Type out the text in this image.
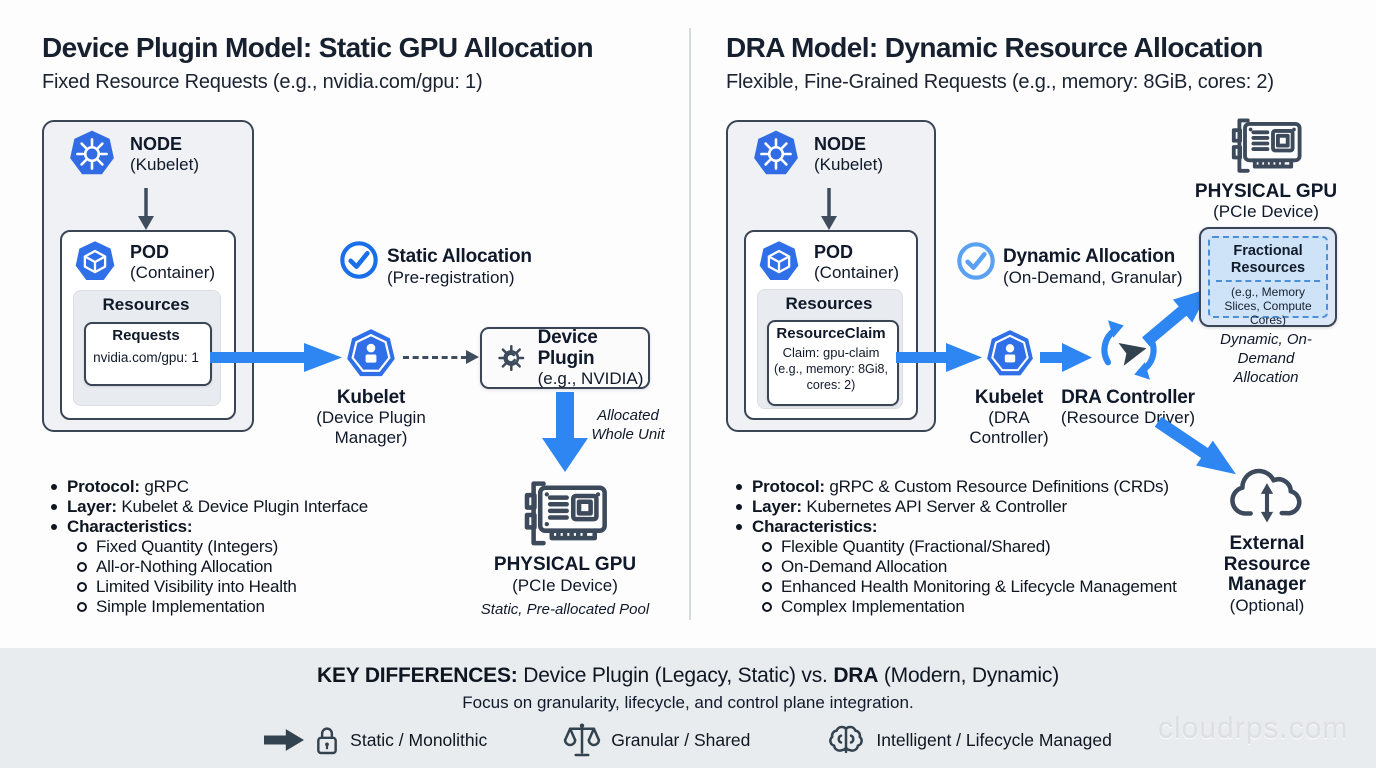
Device Plugin Model: Static GPU Allocation
Fixed Resource Requests (e.g., nvidia.com/gpu: 1)
NODE
(Kubelet)
POD
(Container)
Resources
Requests
nvidia.com/gpu: 1
Static Allocation
(Pre-registration)
Kubelet
(Device Plugin Manager)
Device Plugin
(e.g., NVIDIA)
Allocated Whole Unit
Protocol: gRPC
Layer: Kubelet & Device Plugin Interface
Characteristics:
Fixed Quantity (Integers)
All-or-Nothing Allocation
Limited Visibility into Health
Simple Implementation
PHYSICAL GPU
(PCIe Device)
Static, Pre-allocated Pool
DRA Model: Dynamic Resource Allocation
Flexible, Fine-Grained Requests (e.g., memory: 8GiB, cores: 2)
NODE
(Kubelet)
POD
(Container)
Resources
ResourceClaim
Claim: gpu-claim
(e.g., memory: 8Gi8,
cores: 2)
Dynamic Allocation
(On-Demand, Granular)
Kubelet
(DRA Controller)
DRA Controller
(Resource Driver)
PHYSICAL GPU
(PCIe Device)
Fractional Resources
(e.g., Memory Slices, Compute Cores)
Dynamic, On-Demand Allocation
Protocol: gRPC & Custom Resource Definitions (CRDs)
Layer: Kubernetes API Server & Controller
Characteristics:
Flexible Quantity (Fractional/Shared)
On-Demand Allocation
Enhanced Health Monitoring & Lifecycle Management
Complex Implementation
External Resource Manager
(Optional)
KEY DIFFERENCES: Device Plugin (Legacy, Static) vs. DRA (Modern, Dynamic)
Focus on granularity, lifecycle, and control plane integration.
Static / Monolithic	Granular / Shared	Intelligent / Lifecycle Managed cloudrps.com
